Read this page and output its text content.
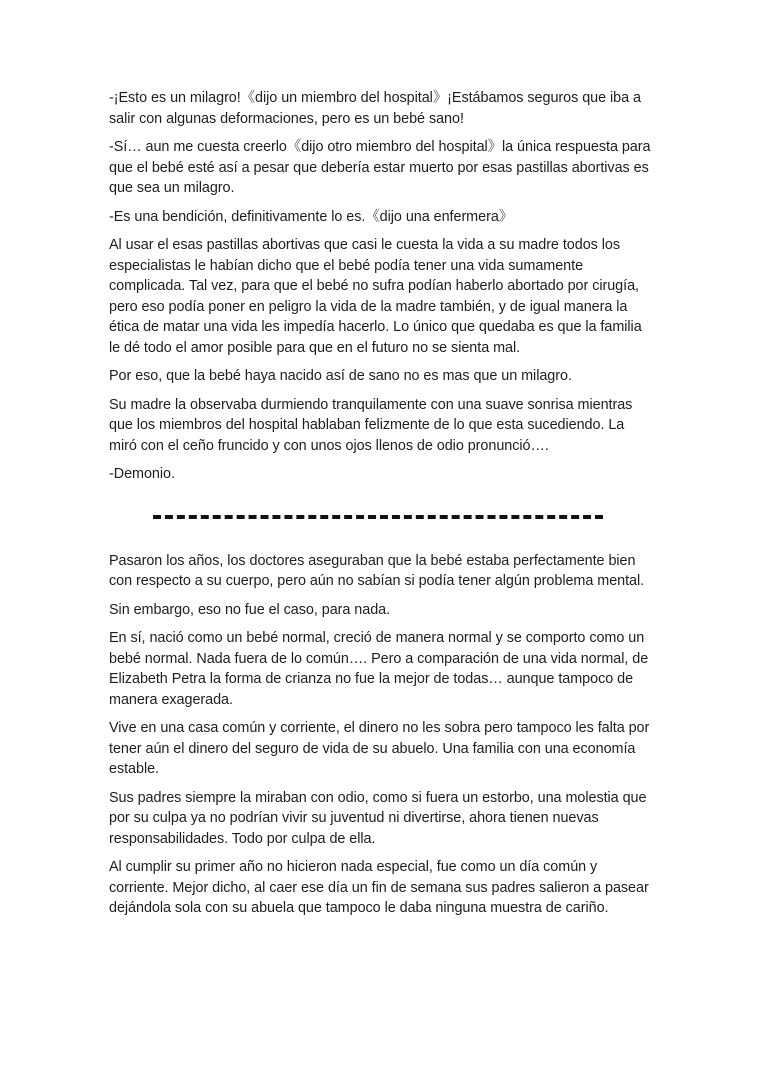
-¡Esto es un milagro!《dijo un miembro del hospital》¡Estábamos seguros que iba a salir con algunas deformaciones, pero es un bebé sano!

-Sí… aun me cuesta creerlo《dijo otro miembro del hospital》la única respuesta para que el bebé esté así a pesar que debería estar muerto por esas pastillas abortivas es que sea un milagro.

-Es una bendición, definitivamente lo es.《dijo una enfermera》

Al usar el esas pastillas abortivas que casi le cuesta la vida a su madre todos los especialistas le habían dicho que el bebé podía tener una vida sumamente complicada. Tal vez, para que el bebé no sufra podían haberlo abortado por cirugía, pero eso podía poner en peligro la vida de la madre también, y de igual manera la ética de matar una vida les impedía hacerlo. Lo único que quedaba es que la familia le dé todo el amor posible para que en el futuro no se sienta mal.

Por eso, que la bebé haya nacido así de sano no es mas que un milagro.

Su madre la observaba durmiendo tranquilamente con una suave sonrisa mientras que los miembros del hospital hablaban felizmente de lo que esta sucediendo. La miró con el ceño fruncido y con unos ojos llenos de odio pronunció….

-Demonio.

Pasaron los años, los doctores aseguraban que la bebé estaba perfectamente bien con respecto a su cuerpo, pero aún no sabían si podía tener algún problema mental.

Sin embargo, eso no fue el caso, para nada.

En sí, nació como un bebé normal, creció de manera normal y se comporto como un bebé normal. Nada fuera de lo común…. Pero a comparación de una vida normal, de Elizabeth Petra la forma de crianza no fue la mejor de todas… aunque tampoco de manera exagerada.

Vive en una casa común y corriente, el dinero no les sobra pero tampoco les falta por tener aún el dinero del seguro de vida de su abuelo. Una familia con una economía estable.

Sus padres siempre la miraban con odio, como si fuera un estorbo, una molestia que por su culpa ya no podrían vivir su juventud ni divertirse, ahora tienen nuevas responsabilidades. Todo por culpa de ella.

Al cumplir su primer año no hicieron nada especial, fue como un día común y corriente. Mejor dicho, al caer ese día un fin de semana sus padres salieron a pasear dejándola sola con su abuela que tampoco le daba ninguna muestra de cariño.
